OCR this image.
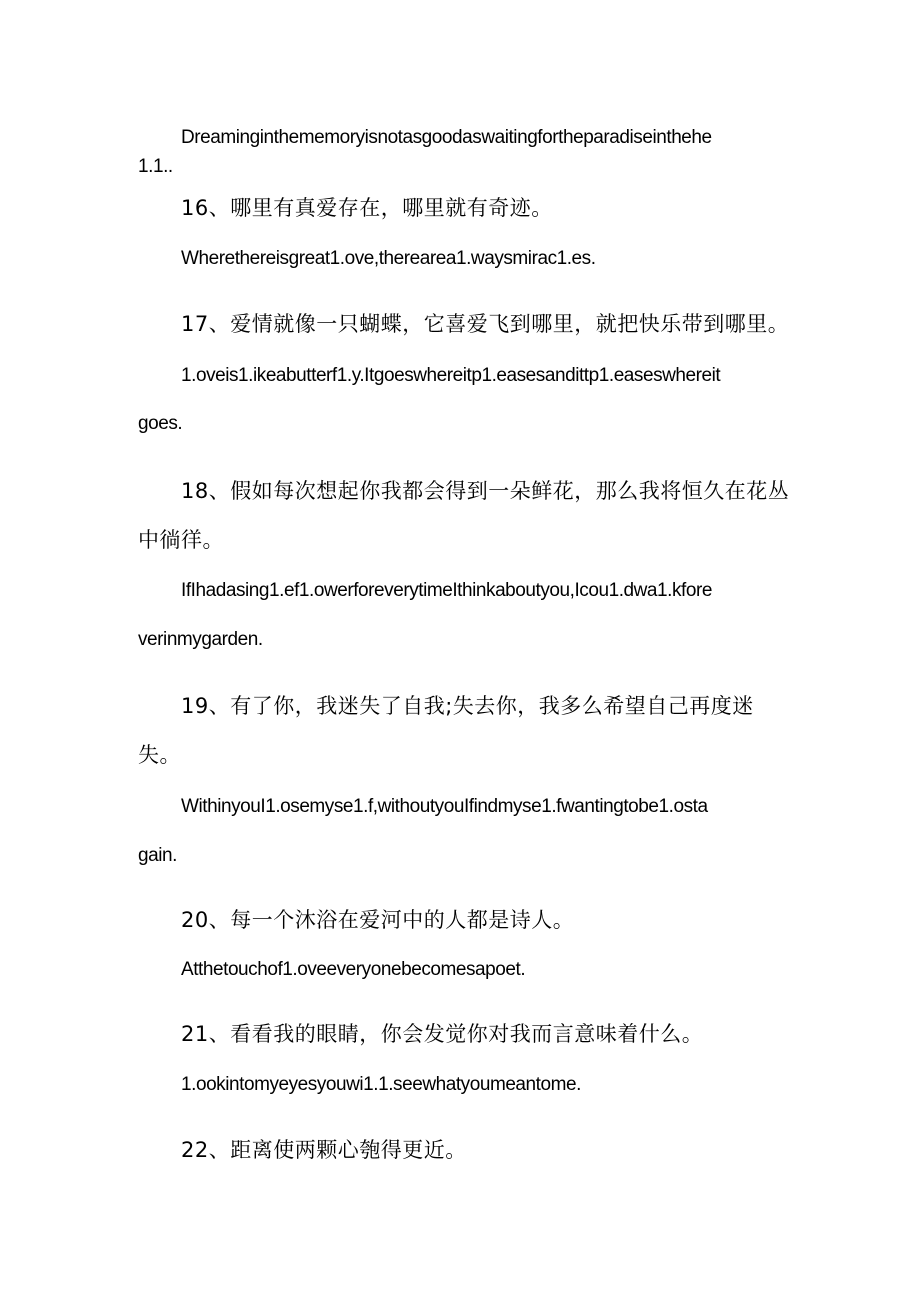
Dreaminginthememoryisnotasgoodaswaitingfortheparadiseinthehe
1.1..
16、哪里有真爱存在，哪里就有奇迹。
Wherethereisgreat1.ove,therearea1.waysmirac1.es.
17、爱情就像一只蝴蝶，它喜爱飞到哪里，就把快乐带到哪里。
1.oveis1.ikeabutterf1.y.Itgoeswhereitp1.easesandittp1.easeswhereit
goes.
18、假如每次想起你我都会得到一朵鲜花，那么我将恒久在花丛
中徜徉。
IfIhadasing1.ef1.owerforeverytimeIthinkaboutyou,Icou1.dwa1.kfore
verinmygarden.
19、有了你，我迷失了自我;失去你，我多么希望自己再度迷
失。
WithinyouI1.osemyse1.f,withoutyouIfindmyse1.fwantingtobe1.osta
gain.
20、每一个沐浴在爱河中的人都是诗人。
Atthetouchof1.oveeveryonebecomesapoet.
21、看看我的眼睛，你会发觉你对我而言意味着什么。
1.ookintomyeyesyouwi1.1.seewhatyoumeantome.
22、距离使两颗心匏得更近。
